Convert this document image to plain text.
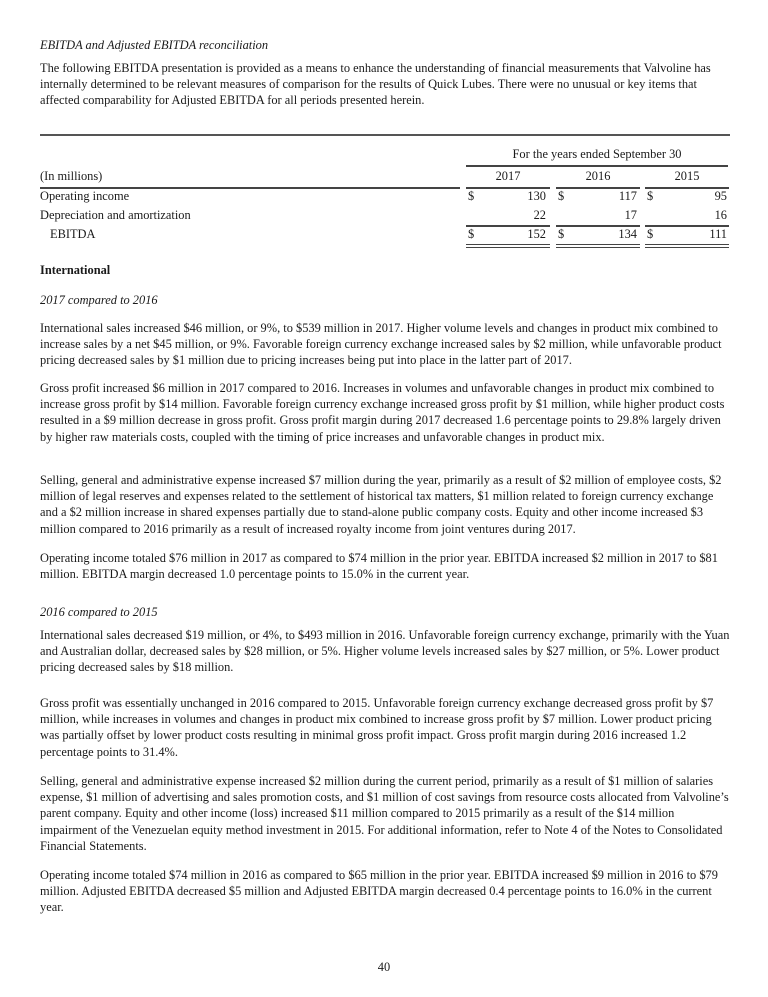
EBITDA and Adjusted EBITDA reconciliation

The following EBITDA presentation is provided as a means to enhance the understanding of financial measurements that Valvoline has internally determined to be relevant measures of comparison for the results of Quick Lubes. There were no unusual or key items that affected comparability for Adjusted EBITDA for all periods presented herein.

For the years ended September 30
(In millions)	2017	2016	2015
Operating income	$	130 $	117 $	95
Depreciation and amortization	22	17	16
EBITDA	$	152 $	134 $	111

International

2017 compared to 2016

International sales increased $46 million, or 9%, to $539 million in 2017. Higher volume levels and changes in product mix combined to increase sales by a net $45 million, or 9%. Favorable foreign currency exchange increased sales by $2 million, while unfavorable product pricing decreased sales by $1 million due to pricing increases being put into place in the latter part of 2017.

Gross profit increased $6 million in 2017 compared to 2016. Increases in volumes and unfavorable changes in product mix combined to increase gross profit by $14 million. Favorable foreign currency exchange increased gross profit by $1 million, while higher product costs resulted in a $9 million decrease in gross profit. Gross profit margin during 2017 decreased 1.6 percentage points to 29.8% largely driven by higher raw materials costs, coupled with the timing of price increases and unfavorable changes in product mix.

Selling, general and administrative expense increased $7 million during the year, primarily as a result of $2 million of employee costs, $2 million of legal reserves and expenses related to the settlement of historical tax matters, $1 million related to foreign currency exchange and a $2 million increase in shared expenses partially due to stand-alone public company costs. Equity and other income increased $3 million compared to 2016 primarily as a result of increased royalty income from joint ventures during 2017.

Operating income totaled $76 million in 2017 as compared to $74 million in the prior year. EBITDA increased $2 million in 2017 to $81 million. EBITDA margin decreased 1.0 percentage points to 15.0% in the current year.

2016 compared to 2015

International sales decreased $19 million, or 4%, to $493 million in 2016. Unfavorable foreign currency exchange, primarily with the Yuan and Australian dollar, decreased sales by $28 million, or 5%. Higher volume levels increased sales by $27 million, or 5%. Lower product pricing decreased sales by $18 million.

Gross profit was essentially unchanged in 2016 compared to 2015. Unfavorable foreign currency exchange decreased gross profit by $7 million, while increases in volumes and changes in product mix combined to increase gross profit by $7 million. Lower product pricing was partially offset by lower product costs resulting in minimal gross profit impact. Gross profit margin during 2016 increased 1.2 percentage points to 31.4%.

Selling, general and administrative expense increased $2 million during the current period, primarily as a result of $1 million of salaries expense, $1 million of advertising and sales promotion costs, and $1 million of cost savings from resource costs allocated from Valvoline’s parent company. Equity and other income (loss) increased $11 million compared to 2015 primarily as a result of the $14 million impairment of the Venezuelan equity method investment in 2015. For additional information, refer to Note 4 of the Notes to Consolidated Financial Statements.

Operating income totaled $74 million in 2016 as compared to $65 million in the prior year. EBITDA increased $9 million in 2016 to $79 million. Adjusted EBITDA decreased $5 million and Adjusted EBITDA margin decreased 0.4 percentage points to 16.0% in the current year.

40
